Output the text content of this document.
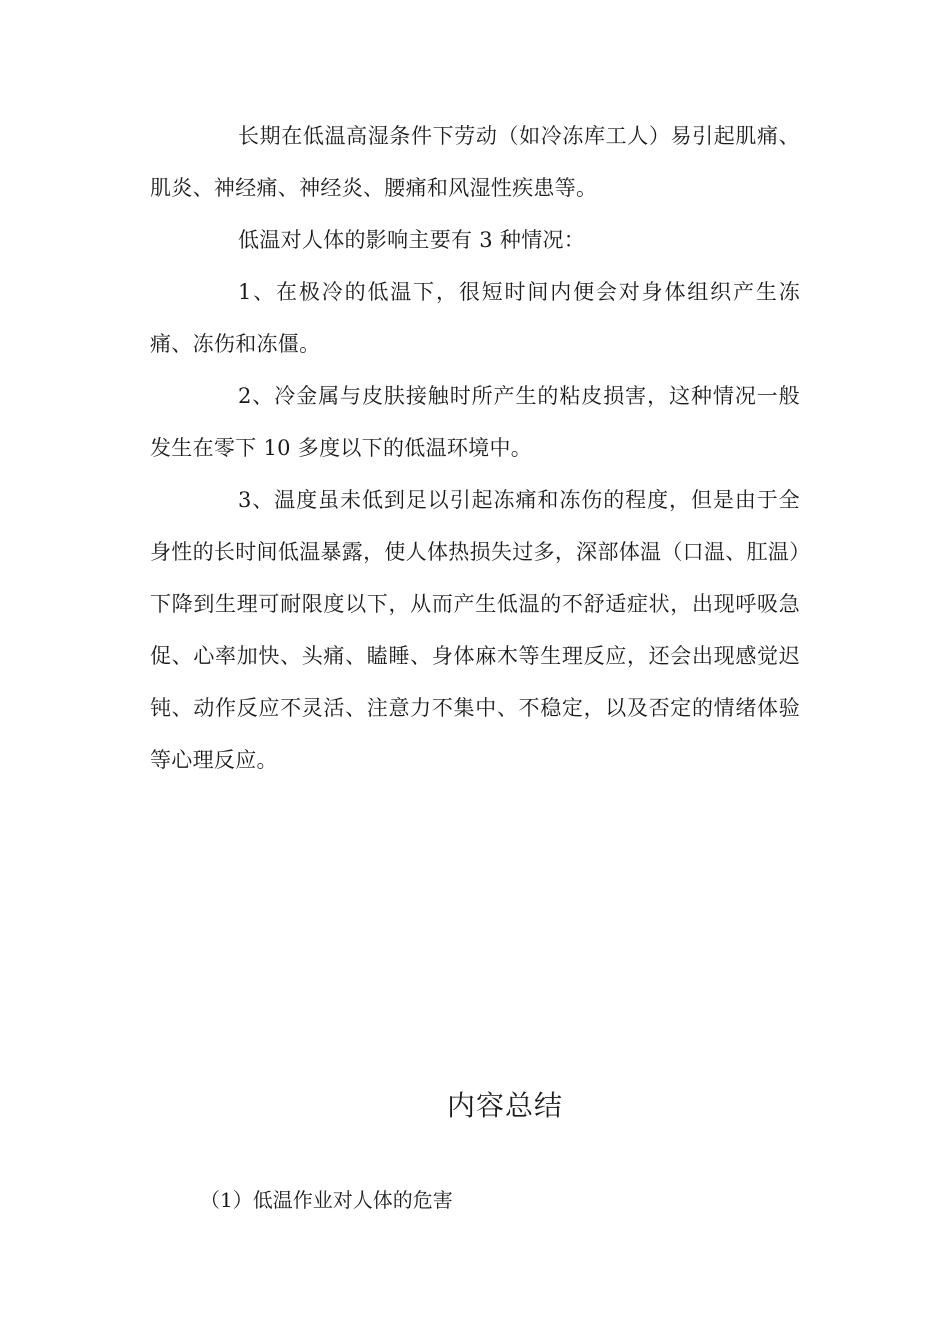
长期在低温高湿条件下劳动（如冷冻库工人）易引起肌痛、肌炎、神经痛、神经炎、腰痛和风湿性疾患等。

低温对人体的影响主要有 3 种情况：

1、在极冷的低温下，很短时间内便会对身体组织产生冻痛、冻伤和冻僵。

2、冷金属与皮肤接触时所产生的粘皮损害，这种情况一般发生在零下 10 多度以下的低温环境中。

3、温度虽未低到足以引起冻痛和冻伤的程度，但是由于全身性的长时间低温暴露，使人体热损失过多，深部体温（口温、肛温）下降到生理可耐限度以下，从而产生低温的不舒适症状，出现呼吸急促、心率加快、头痛、瞌睡、身体麻木等生理反应，还会出现感觉迟钝、动作反应不灵活、注意力不集中、不稳定，以及否定的情绪体验等心理反应。

内容总结

（1）低温作业对人体的危害
